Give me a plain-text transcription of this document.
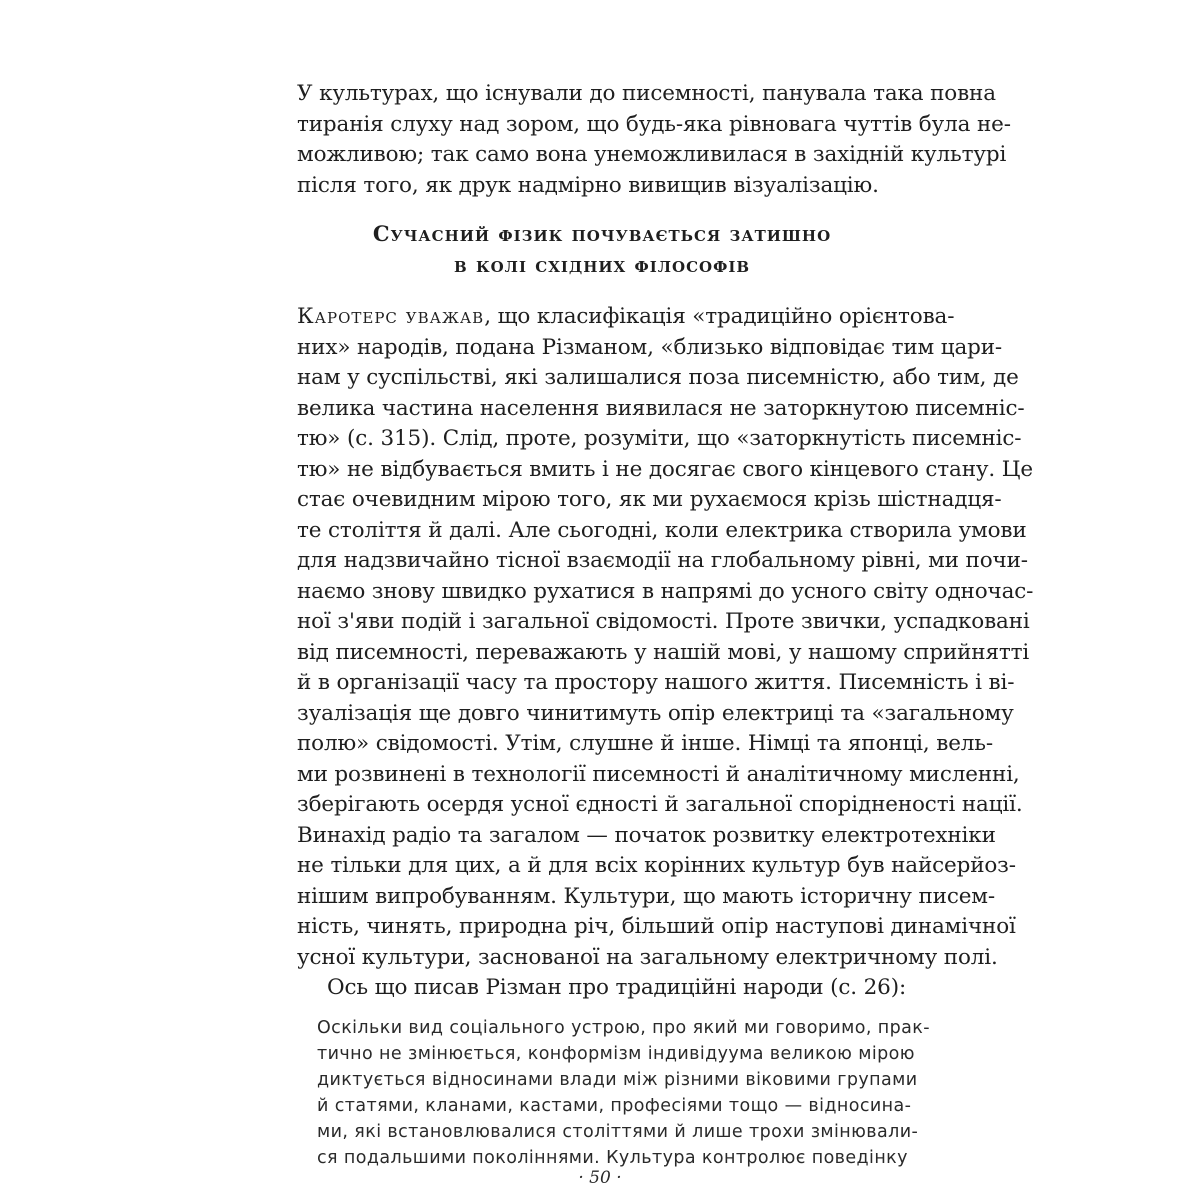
У культурах, що існували до писемності, панувала така повна
тиранія слуху над зором, що будь-яка рівновага чуттів була не-
можливою; так само вона унеможливилася в західній культурі
після того, як друк надмірно вивищив візуалізацію.
Сучасний фізик почувається затишно
в колі східних філософів
Каротерс уважав, що класифікація «традиційно орієнтова-
них» народів, подана Різманом, «близько відповідає тим цари-
нам у суспільстві, які залишалися поза писемністю, або тим, де
велика частина населення виявилася не заторкнутою писемніс-
тю» (с. 315). Слід, проте, розуміти, що «заторкнутість писемніс-
тю» не відбувається вмить і не досягає свого кінцевого стану. Це
стає очевидним мірою того, як ми рухаємося крізь шістнадця-
те століття й далі. Але сьогодні, коли електрика створила умови
для надзвичайно тісної взаємодії на глобальному рівні, ми почи-
наємо знову швидко рухатися в напрямі до усного світу одночас-
ної з'яви подій і загальної свідомості. Проте звички, успадковані
від писемності, переважають у нашій мові, у нашому сприйнятті
й в організації часу та простору нашого життя. Писемність і ві-
зуалізація ще довго чинитимуть опір електриці та «загальному
полю» свідомості. Утім, слушне й інше. Німці та японці, вель-
ми розвинені в технології писемності й аналітичному мисленні,
зберігають осердя усної єдності й загальної спорідненості нації.
Винахід радіо та загалом — початок розвитку електротехніки
не тільки для цих, а й для всіх корінних культур був найсерйоз-
нішим випробуванням. Культури, що мають історичну писем-
ність, чинять, природна річ, більший опір наступові динамічної
усної культури, заснованої на загальному електричному полі.
Ось що писав Різман про традиційні народи (с. 26):
Оскільки вид соціального устрою, про який ми говоримо, прак-
тично не змінюється, конформізм індивідуума великою мірою
диктується відносинами влади між різними віковими групами
й статями, кланами, кастами, професіями тощо — відносина-
ми, які встановлювалися століттями й лише трохи змінювали-
ся подальшими поколіннями. Культура контролює поведінку
· 50 ·
